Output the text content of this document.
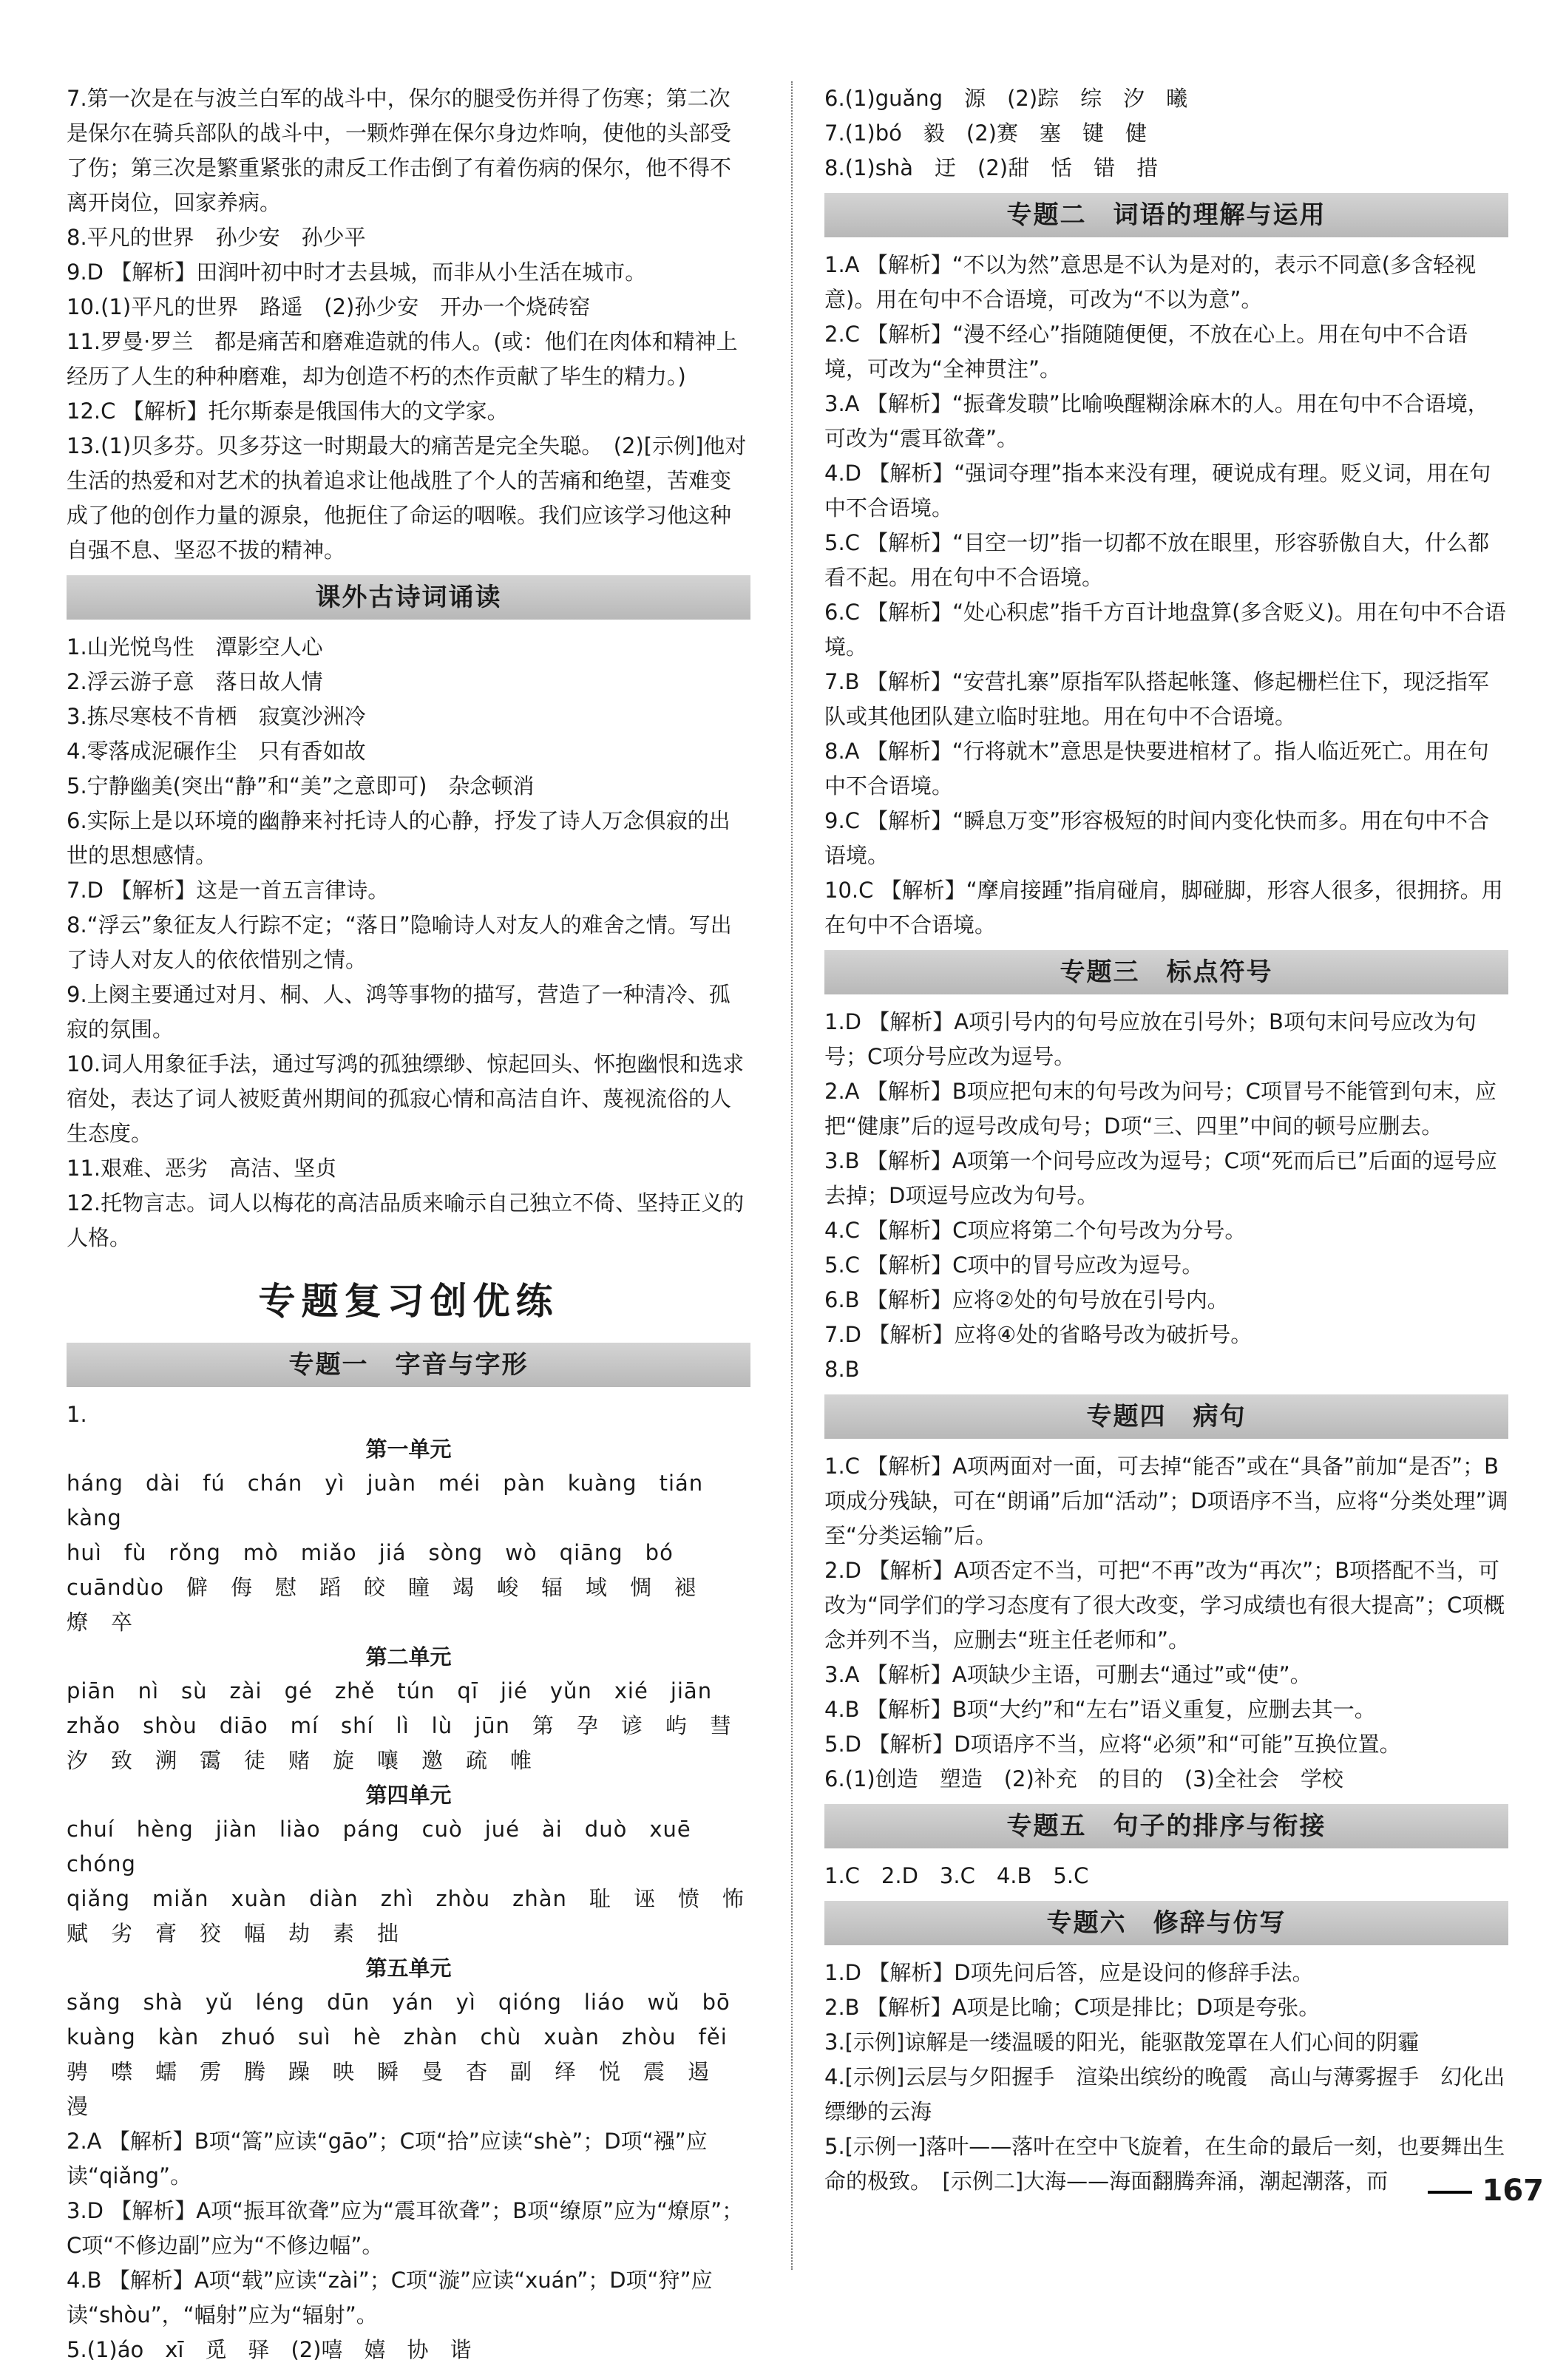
7.第一次是在与波兰白军的战斗中，保尔的腿受伤并得了伤寒；第二次是保尔在骑兵部队的战斗中，一颗炸弹在保尔身边炸响，使他的头部受了伤；第三次是繁重紧张的肃反工作击倒了有着伤病的保尔，他不得不离开岗位，回家养病。

8.平凡的世界　孙少安　孙少平

9.D 【解析】田润叶初中时才去县城，而非从小生活在城市。

10.(1)平凡的世界　路遥　(2)孙少安　开办一个烧砖窑

11.罗曼·罗兰　都是痛苦和磨难造就的伟人。(或：他们在肉体和精神上经历了人生的种种磨难，却为创造不朽的杰作贡献了毕生的精力。)

12.C 【解析】托尔斯泰是俄国伟大的文学家。

13.(1)贝多芬。贝多芬这一时期最大的痛苦是完全失聪。　(2)[示例]他对生活的热爱和对艺术的执着追求让他战胜了个人的苦痛和绝望，苦难变成了他的创作力量的源泉，他扼住了命运的咽喉。我们应该学习他这种自强不息、坚忍不拔的精神。

课外古诗词诵读

1.山光悦鸟性　潭影空人心

2.浮云游子意　落日故人情

3.拣尽寒枝不肯栖　寂寞沙洲冷

4.零落成泥碾作尘　只有香如故

5.宁静幽美(突出“静”和“美”之意即可)　杂念顿消

6.实际上是以环境的幽静来衬托诗人的心静，抒发了诗人万念俱寂的出世的思想感情。

7.D 【解析】这是一首五言律诗。

8.“浮云”象征友人行踪不定；“落日”隐喻诗人对友人的难舍之情。写出了诗人对友人的依依惜别之情。

9.上阕主要通过对月、桐、人、鸿等事物的描写，营造了一种清冷、孤寂的氛围。

10.词人用象征手法，通过写鸿的孤独缥缈、惊起回头、怀抱幽恨和选求宿处，表达了词人被贬黄州期间的孤寂心情和高洁自许、蔑视流俗的人生态度。

11.艰难、恶劣　高洁、坚贞

12.托物言志。词人以梅花的高洁品质来喻示自己独立不倚、坚持正义的人格。

专题复习创优练
专题一　字音与字形

1.

第一单元
háng　dài　fú　chán　yì　juàn　méi　pàn　kuàng　tián　kàng
huì　fù　rǒng　mò　miǎo　jiá　sòng　wò　qiāng　bó
cuāndùo　僻　侮　慰　蹈　皎　瞳　竭　峻　辐　域　惆　褪
燎　卒
第二单元
piān　nì　sù　zài　gé　zhě　tún　qī　jié　yǔn　xié　jiān
zhǎo　shòu　diāo　mí　shí　lì　lù　jūn　第　孕　谚　屿　彗
汐　致　溯　霭　徒　赌　旋　嚷　邀　疏　帷
第四单元
chuí　hèng　jiàn　liào　páng　cuò　jué　ài　duò　xuē　chóng
qiǎng　miǎn　xuàn　diàn　zhì　zhòu　zhàn　耻　诬　愤　怖
赋　劣　膏　狡　幅　劫　素　拙
第五单元
sǎng　shà　yǔ　léng　dūn　yán　yì　qióng　liáo　wǔ　bō
kuàng　kàn　zhuó　suì　hè　zhàn　chù　xuàn　zhòu　fěi
骋　噤　蠕　雳　腾　躁　映　瞬　曼　杳　副　绎　悦　震　遏　漫

2.A 【解析】B项“篙”应读“gāo”；C项“拾”应读“shè”；D项“襁”应读“qiǎng”。

3.D 【解析】A项“振耳欲聋”应为“震耳欲聋”；B项“缭原”应为“燎原”；C项“不修边副”应为“不修边幅”。

4.B 【解析】A项“载”应读“zài”；C项“漩”应读“xuán”；D项“狩”应读“shòu”，“幅射”应为“辐射”。

5.(1)áo　xī　觅　驿　(2)嘻　嬉　协　谐

6.(1)guǎng　源　(2)踪　综　汐　曦

7.(1)bó　毅　(2)赛　塞　键　健

8.(1)shà　迂　(2)甜　恬　错　措

专题二　词语的理解与运用

1.A 【解析】“不以为然”意思是不认为是对的，表示不同意(多含轻视意)。用在句中不合语境，可改为“不以为意”。

2.C 【解析】“漫不经心”指随随便便，不放在心上。用在句中不合语境，可改为“全神贯注”。

3.A 【解析】“振聋发聩”比喻唤醒糊涂麻木的人。用在句中不合语境，可改为“震耳欲聋”。

4.D 【解析】“强词夺理”指本来没有理，硬说成有理。贬义词，用在句中不合语境。

5.C 【解析】“目空一切”指一切都不放在眼里，形容骄傲自大，什么都看不起。用在句中不合语境。

6.C 【解析】“处心积虑”指千方百计地盘算(多含贬义)。用在句中不合语境。

7.B 【解析】“安营扎寨”原指军队搭起帐篷、修起栅栏住下，现泛指军队或其他团队建立临时驻地。用在句中不合语境。

8.A 【解析】“行将就木”意思是快要进棺材了。指人临近死亡。用在句中不合语境。

9.C 【解析】“瞬息万变”形容极短的时间内变化快而多。用在句中不合语境。

10.C 【解析】“摩肩接踵”指肩碰肩，脚碰脚，形容人很多，很拥挤。用在句中不合语境。

专题三　标点符号

1.D 【解析】A项引号内的句号应放在引号外；B项句末问号应改为句号；C项分号应改为逗号。

2.A 【解析】B项应把句末的句号改为问号；C项冒号不能管到句末，应把“健康”后的逗号改成句号；D项“三、四里”中间的顿号应删去。

3.B 【解析】A项第一个问号应改为逗号；C项“死而后已”后面的逗号应去掉；D项逗号应改为句号。

4.C 【解析】C项应将第二个句号改为分号。

5.C 【解析】C项中的冒号应改为逗号。

6.B 【解析】应将②处的句号放在引号内。

7.D 【解析】应将④处的省略号改为破折号。

8.B

专题四　病句

1.C 【解析】A项两面对一面，可去掉“能否”或在“具备”前加“是否”；B项成分残缺，可在“朗诵”后加“活动”；D项语序不当，应将“分类处理”调至“分类运输”后。

2.D 【解析】A项否定不当，可把“不再”改为“再次”；B项搭配不当，可改为“同学们的学习态度有了很大改变，学习成绩也有很大提高”；C项概念并列不当，应删去“班主任老师和”。

3.A 【解析】A项缺少主语，可删去“通过”或“使”。

4.B 【解析】B项“大约”和“左右”语义重复，应删去其一。

5.D 【解析】D项语序不当，应将“必须”和“可能”互换位置。

6.(1)创造　塑造　(2)补充　的目的　(3)全社会　学校

专题五　句子的排序与衔接

1.C　2.D　3.C　4.B　5.C

专题六　修辞与仿写

1.D 【解析】D项先问后答，应是设问的修辞手法。

2.B 【解析】A项是比喻；C项是排比；D项是夸张。

3.[示例]谅解是一缕温暖的阳光，能驱散笼罩在人们心间的阴霾

4.[示例]云层与夕阳握手　渲染出缤纷的晚霞　高山与薄雾握手　幻化出缥缈的云海

5.[示例一]落叶——落叶在空中飞旋着，在生命的最后一刻，也要舞出生命的极致。　[示例二]大海——海面翻腾奔涌，潮起潮落，而	167
